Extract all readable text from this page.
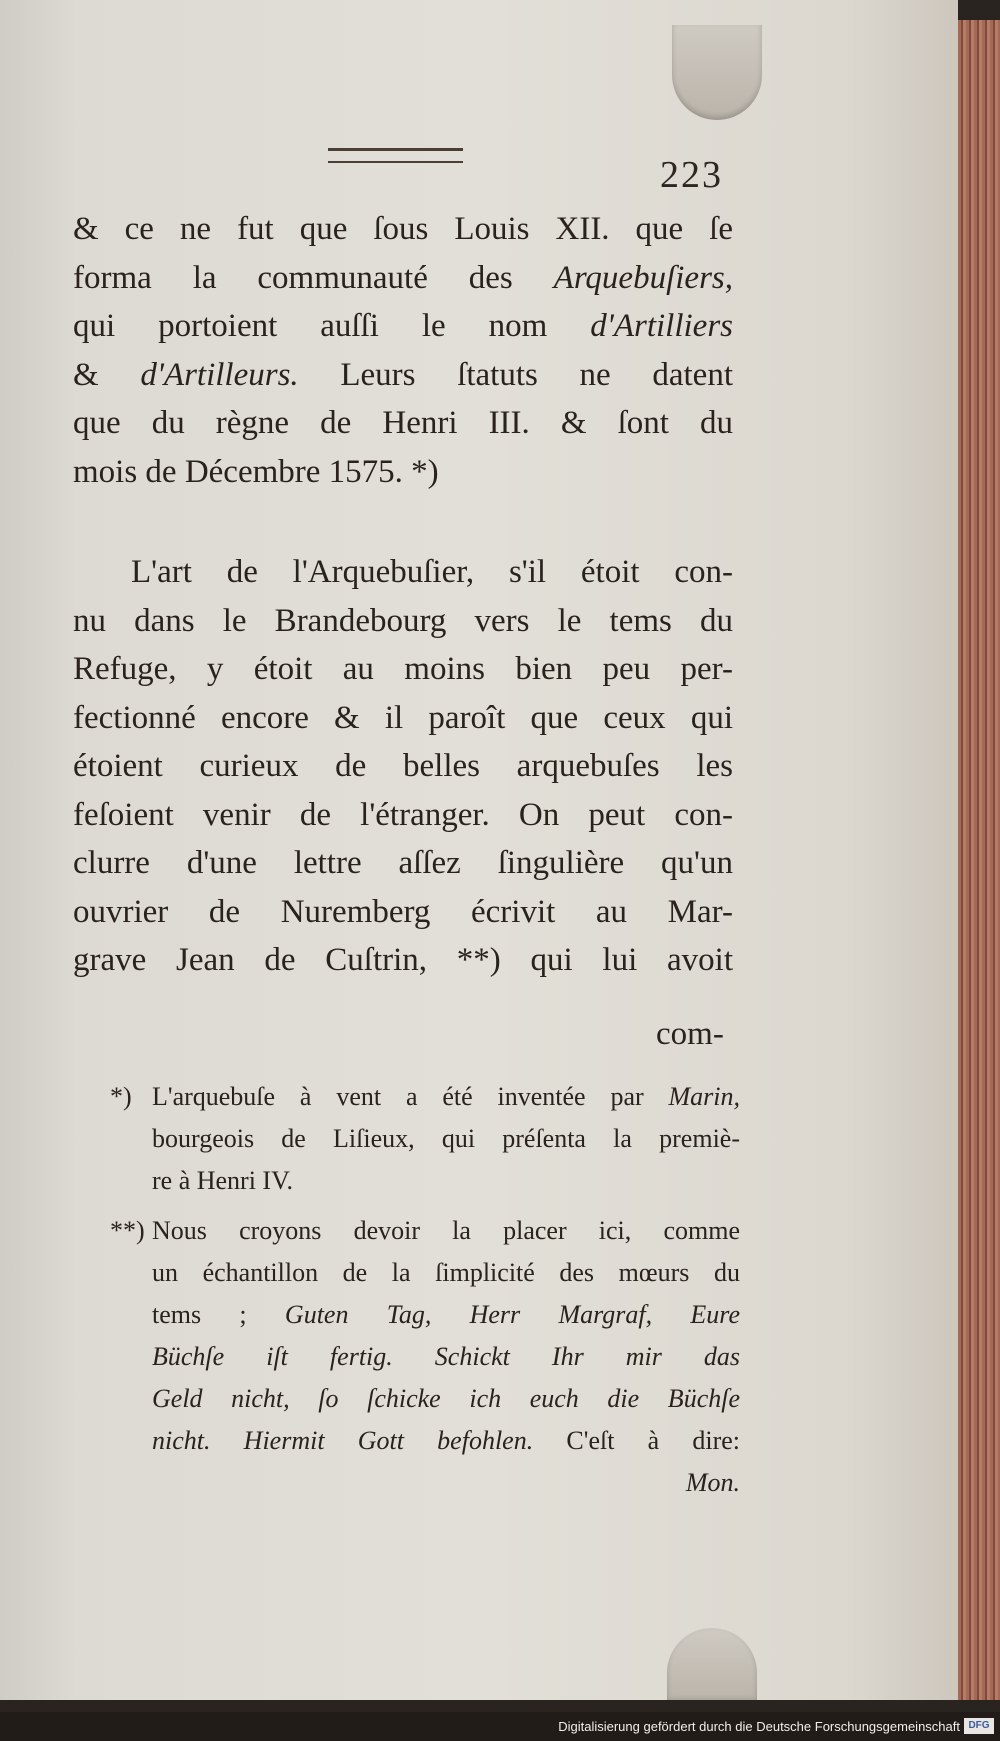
223
& ce ne fut que ſous Louis XII. que ſe
forma la communauté des Arquebuſiers,
qui portoient auſſi le nom d'Artilliers
& d'Artilleurs. Leurs ſtatuts ne datent
que du règne de Henri III. & ſont du
mois de Décembre 1575. *)
L'art de l'Arquebuſier, s'il étoit con-
nu dans le Brandebourg vers le tems du
Refuge, y étoit au moins bien peu per-
fectionné encore & il paroît que ceux qui
étoient curieux de belles arquebuſes les
feſoient venir de l'étranger. On peut con-
clurre d'une lettre aſſez ſingulière qu'un
ouvrier de Nuremberg écrivit au Mar-
grave Jean de Cuſtrin, **) qui lui avoit
com-
*) L'arquebuſe à vent a été inventée par Marin,
bourgeois de Liſieux, qui préſenta la premiè-
re à Henri IV.
**) Nous croyons devoir la placer ici, comme
un échantillon de la ſimplicité des mœurs du
tems ; Guten Tag, Herr Margraf, Eure
Büchſe iſt fertig. Schickt Ihr mir das
Geld nicht, ſo ſchicke ich euch die Büchſe
nicht. Hiermit Gott befohlen. C'eſt à dire:
Mon.
Digitalisierung gefördert durch die Deutsche Forschungsgemeinschaft DFG
